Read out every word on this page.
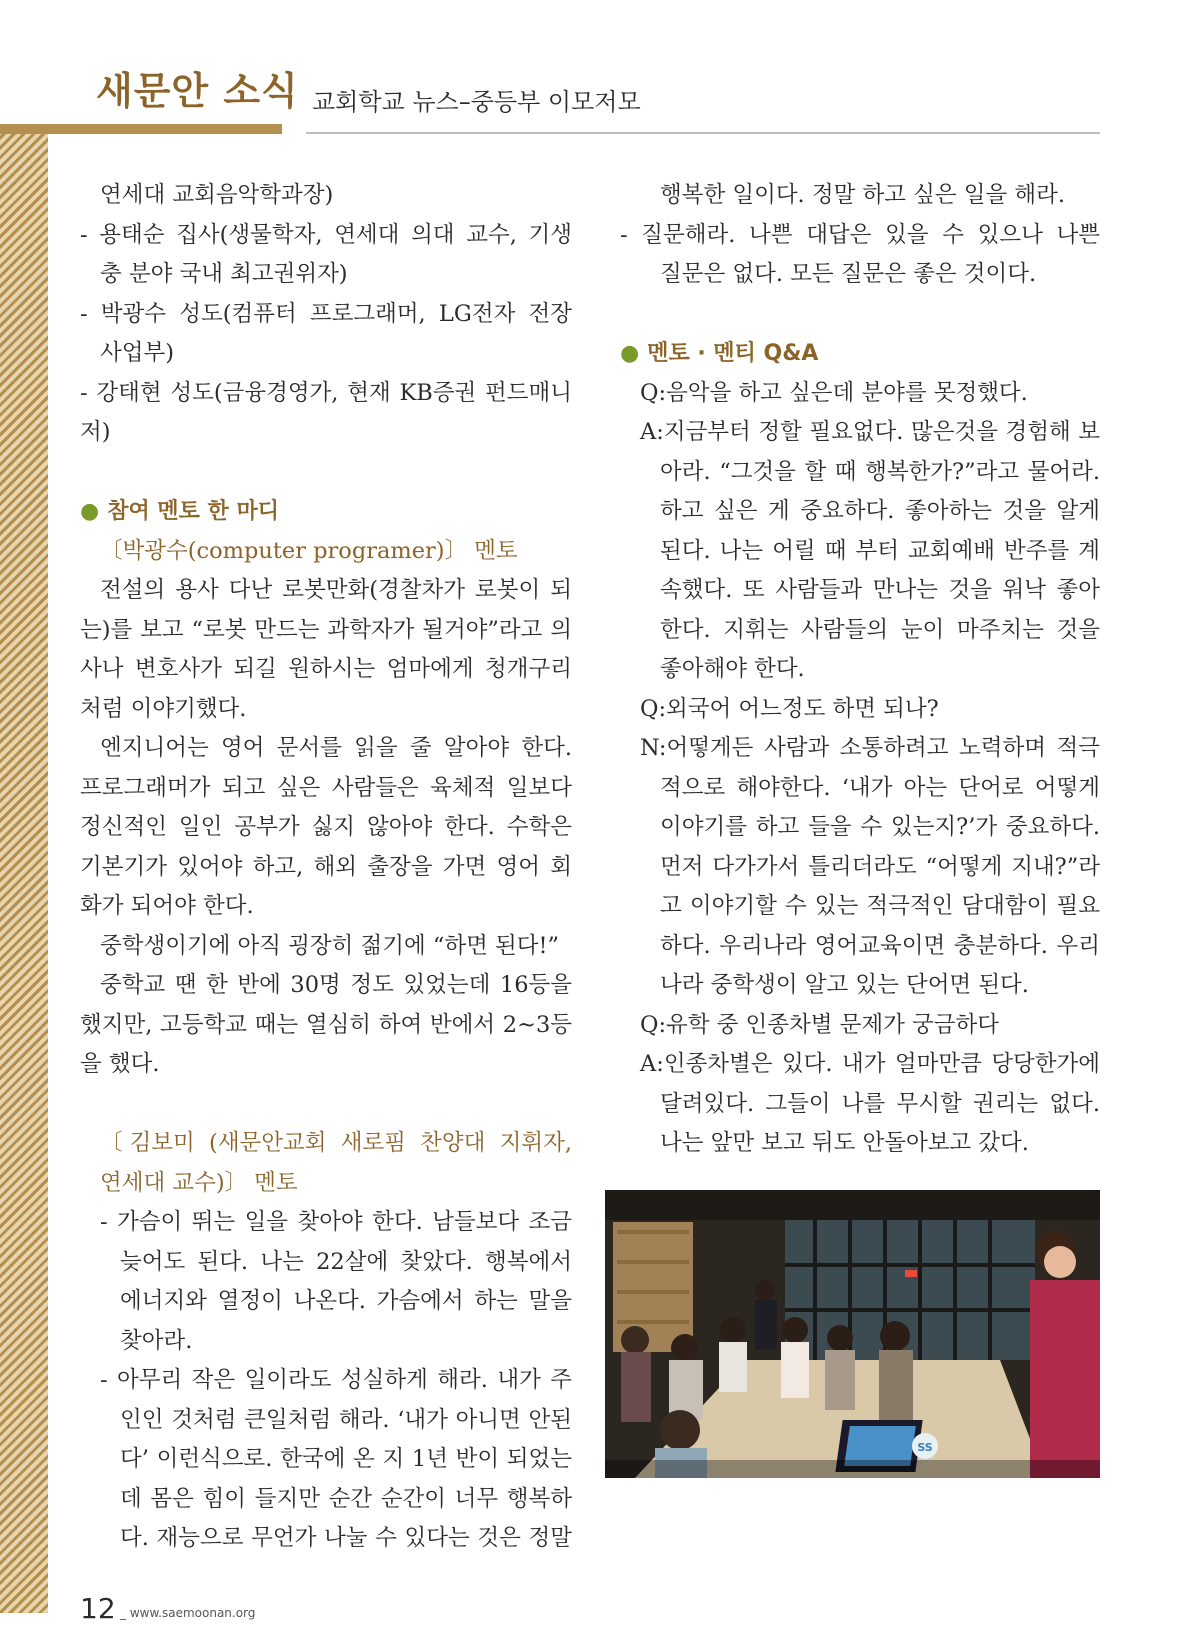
새문안 소식 교회학교 뉴스–중등부 이모저모

연세대 교회음악학과장)

- 용태순 집사(생물학자, 연세대 의대 교수, 기생

충 분야 국내 최고권위자)

- 박광수 성도(컴퓨터 프로그래머, LG전자 전장

사업부)

- 강태현 성도(금융경영가, 현재 KB증권 펀드매니저)

● 참여 멘토 한 마디

〔박광수(computer programer)〕 멘토

전설의 용사 다난 로봇만화(경찰차가 로봇이 되

는)를 보고 “로봇 만드는 과학자가 될거야”라고 의

사나 변호사가 되길 원하시는 엄마에게 청개구리

처럼 이야기했다.

엔지니어는 영어 문서를 읽을 줄 알아야 한다.

프로그래머가 되고 싶은 사람들은 육체적 일보다

정신적인 일인 공부가 싫지 않아야 한다. 수학은

기본기가 있어야 하고, 해외 출장을 가면 영어 회

화가 되어야 한다.

중학생이기에 아직 굉장히 젊기에 “하면 된다!”

중학교 땐 한 반에 30명 정도 있었는데 16등을

했지만, 고등학교 때는 열심히 하여 반에서 2~3등

을 했다.

〔김보미 (새문안교회 새로핌 찬양대 지휘자,

연세대 교수)〕 멘토

- 가슴이 뛰는 일을 찾아야 한다. 남들보다 조금

늦어도 된다. 나는 22살에 찾았다. 행복에서

에너지와 열정이 나온다. 가슴에서 하는 말을

찾아라.

- 아무리 작은 일이라도 성실하게 해라. 내가 주

인인 것처럼 큰일처럼 해라. ‘내가 아니면 안된

다’ 이런식으로. 한국에 온 지 1년 반이 되었는

데 몸은 힘이 들지만 순간 순간이 너무 행복하

다. 재능으로 무언가 나눌 수 있다는 것은 정말

행복한 일이다. 정말 하고 싶은 일을 해라.

- 질문해라. 나쁜 대답은 있을 수 있으나 나쁜

질문은 없다. 모든 질문은 좋은 것이다.

● 멘토 · 멘티 Q&A

Q:음악을 하고 싶은데 분야를 못정했다.

A:지금부터 정할 필요없다. 많은것을 경험해 보

아라. “그것을 할 때 행복한가?”라고 물어라.

하고 싶은 게 중요하다. 좋아하는 것을 알게

된다. 나는 어릴 때 부터 교회예배 반주를 계

속했다. 또 사람들과 만나는 것을 워낙 좋아

한다. 지휘는 사람들의 눈이 마주치는 것을

좋아해야 한다.

Q:외국어 어느정도 하면 되나?

N:어떻게든 사람과 소통하려고 노력하며 적극

적으로 해야한다. ‘내가 아는 단어로 어떻게

이야기를 하고 들을 수 있는지?’가 중요하다.

먼저 다가가서 틀리더라도 “어떻게 지내?”라

고 이야기할 수 있는 적극적인 담대함이 필요

하다. 우리나라 영어교육이면 충분하다. 우리

나라 중학생이 알고 있는 단어면 된다.

Q:유학 중 인종차별 문제가 궁금하다

A:인종차별은 있다. 내가 얼마만큼 당당한가에

달려있다. 그들이 나를 무시할 권리는 없다.

나는 앞만 보고 뒤도 안돌아보고 갔다.

SS
12 _ www.saemoonan.org
